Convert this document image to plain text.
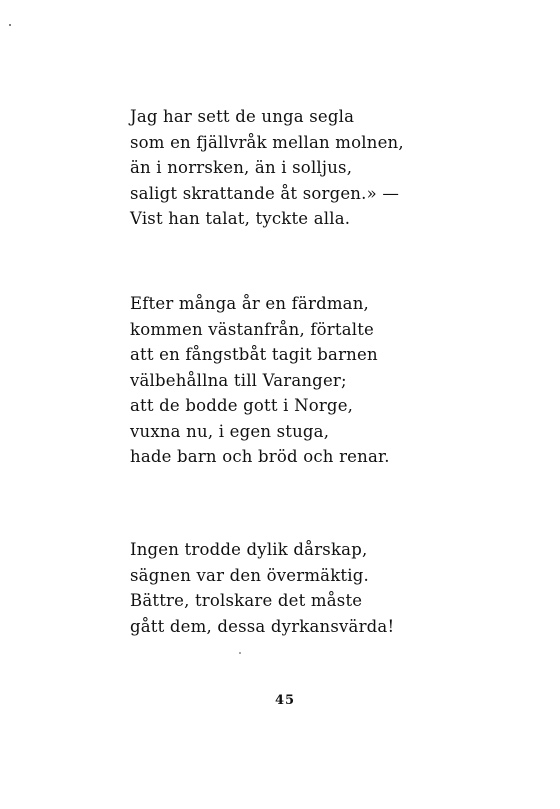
Jag har sett de unga segla
som en fjällvråk mellan molnen,
än i norrsken, än i solljus,
saligt skrattande åt sorgen.» —
Vist han talat, tyckte alla.
Efter många år en färdman,
kommen västanfrån, förtalte
att en fångstbåt tagit barnen
välbehållna till Varanger;
att de bodde gott i Norge,
vuxna nu, i egen stuga,
hade barn och bröd och renar.
Ingen trodde dylik dårskap,
sägnen var den övermäktig.
Bättre, trolskare det måste
gått dem, dessa dyrkansvärda!
45
